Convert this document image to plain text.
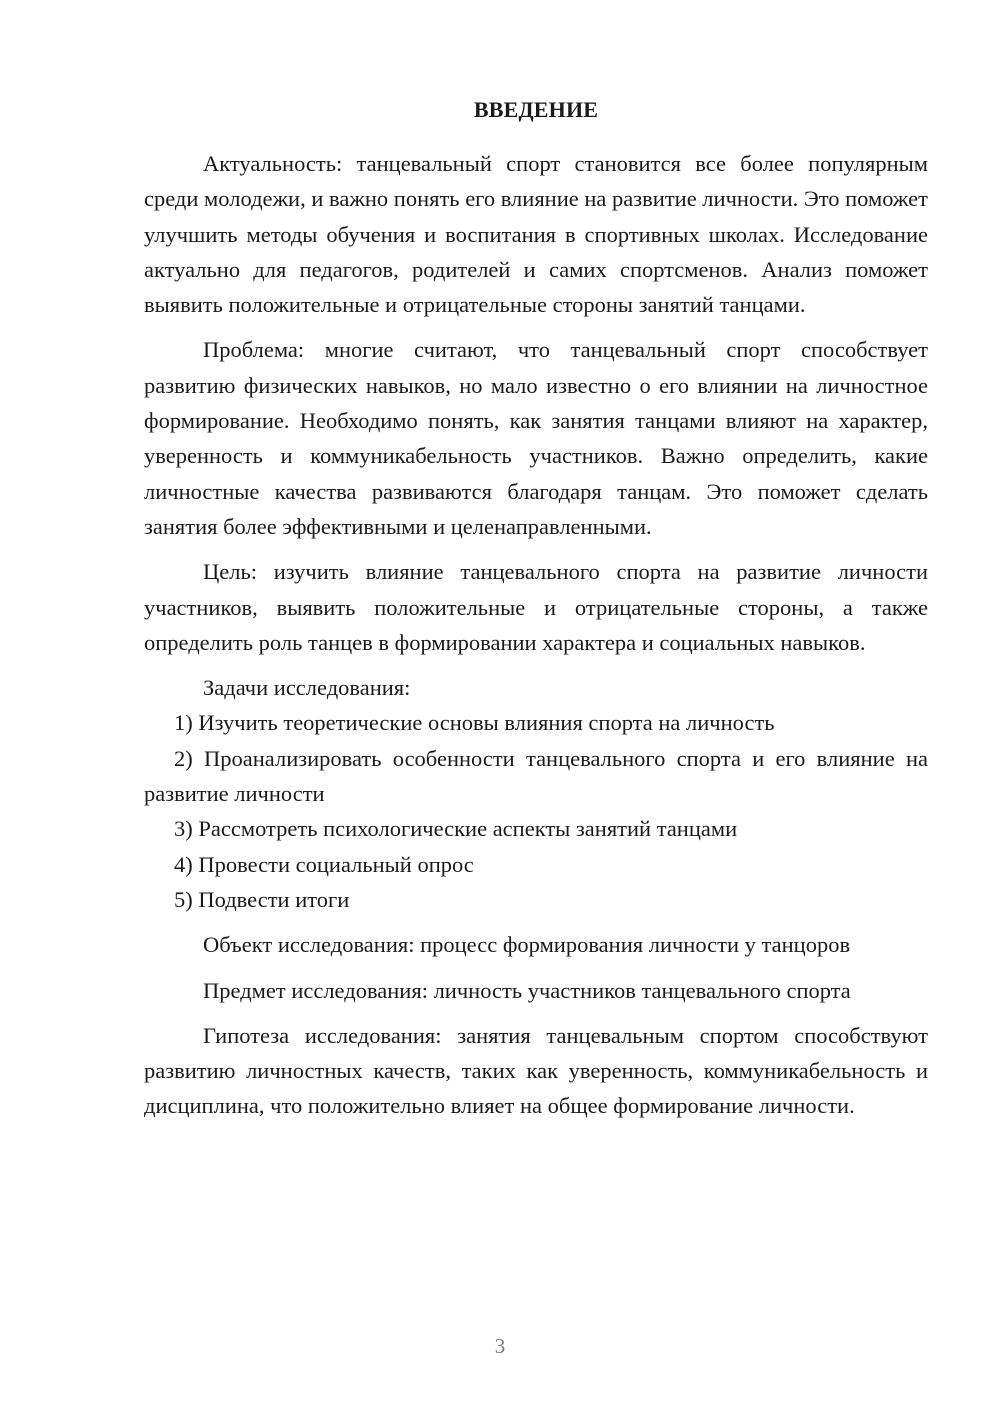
ВВЕДЕНИЕ

Актуальность: танцевальный спорт становится все более популярным среди молодежи, и важно понять его влияние на развитие личности. Это поможет улучшить методы обучения и воспитания в спортивных школах. Исследование актуально для педагогов, родителей и самих спортсменов. Анализ поможет выявить положительные и отрицательные стороны занятий танцами.

Проблема: многие считают, что танцевальный спорт способствует развитию физических навыков, но мало известно о его влиянии на личностное формирование. Необходимо понять, как занятия танцами влияют на характер, уверенность и коммуникабельность участников. Важно определить, какие личностные качества развиваются благодаря танцам. Это поможет сделать занятия более эффективными и целенаправленными.

Цель: изучить влияние танцевального спорта на развитие личности участников, выявить положительные и отрицательные стороны, а также определить роль танцев в формировании характера и социальных навыков.

Задачи исследования:

1) Изучить теоретические основы влияния спорта на личность

2) Проанализировать особенности танцевального спорта и его влияние на развитие личности

3) Рассмотреть психологические аспекты занятий танцами

4) Провести социальный опрос

5) Подвести итоги

Объект исследования: процесс формирования личности у танцоров

Предмет исследования: личность участников танцевального спорта

Гипотеза исследования: занятия танцевальным спортом способствуют развитию личностных качеств, таких как уверенность, коммуникабельность и дисциплина, что положительно влияет на общее формирование личности.

3
